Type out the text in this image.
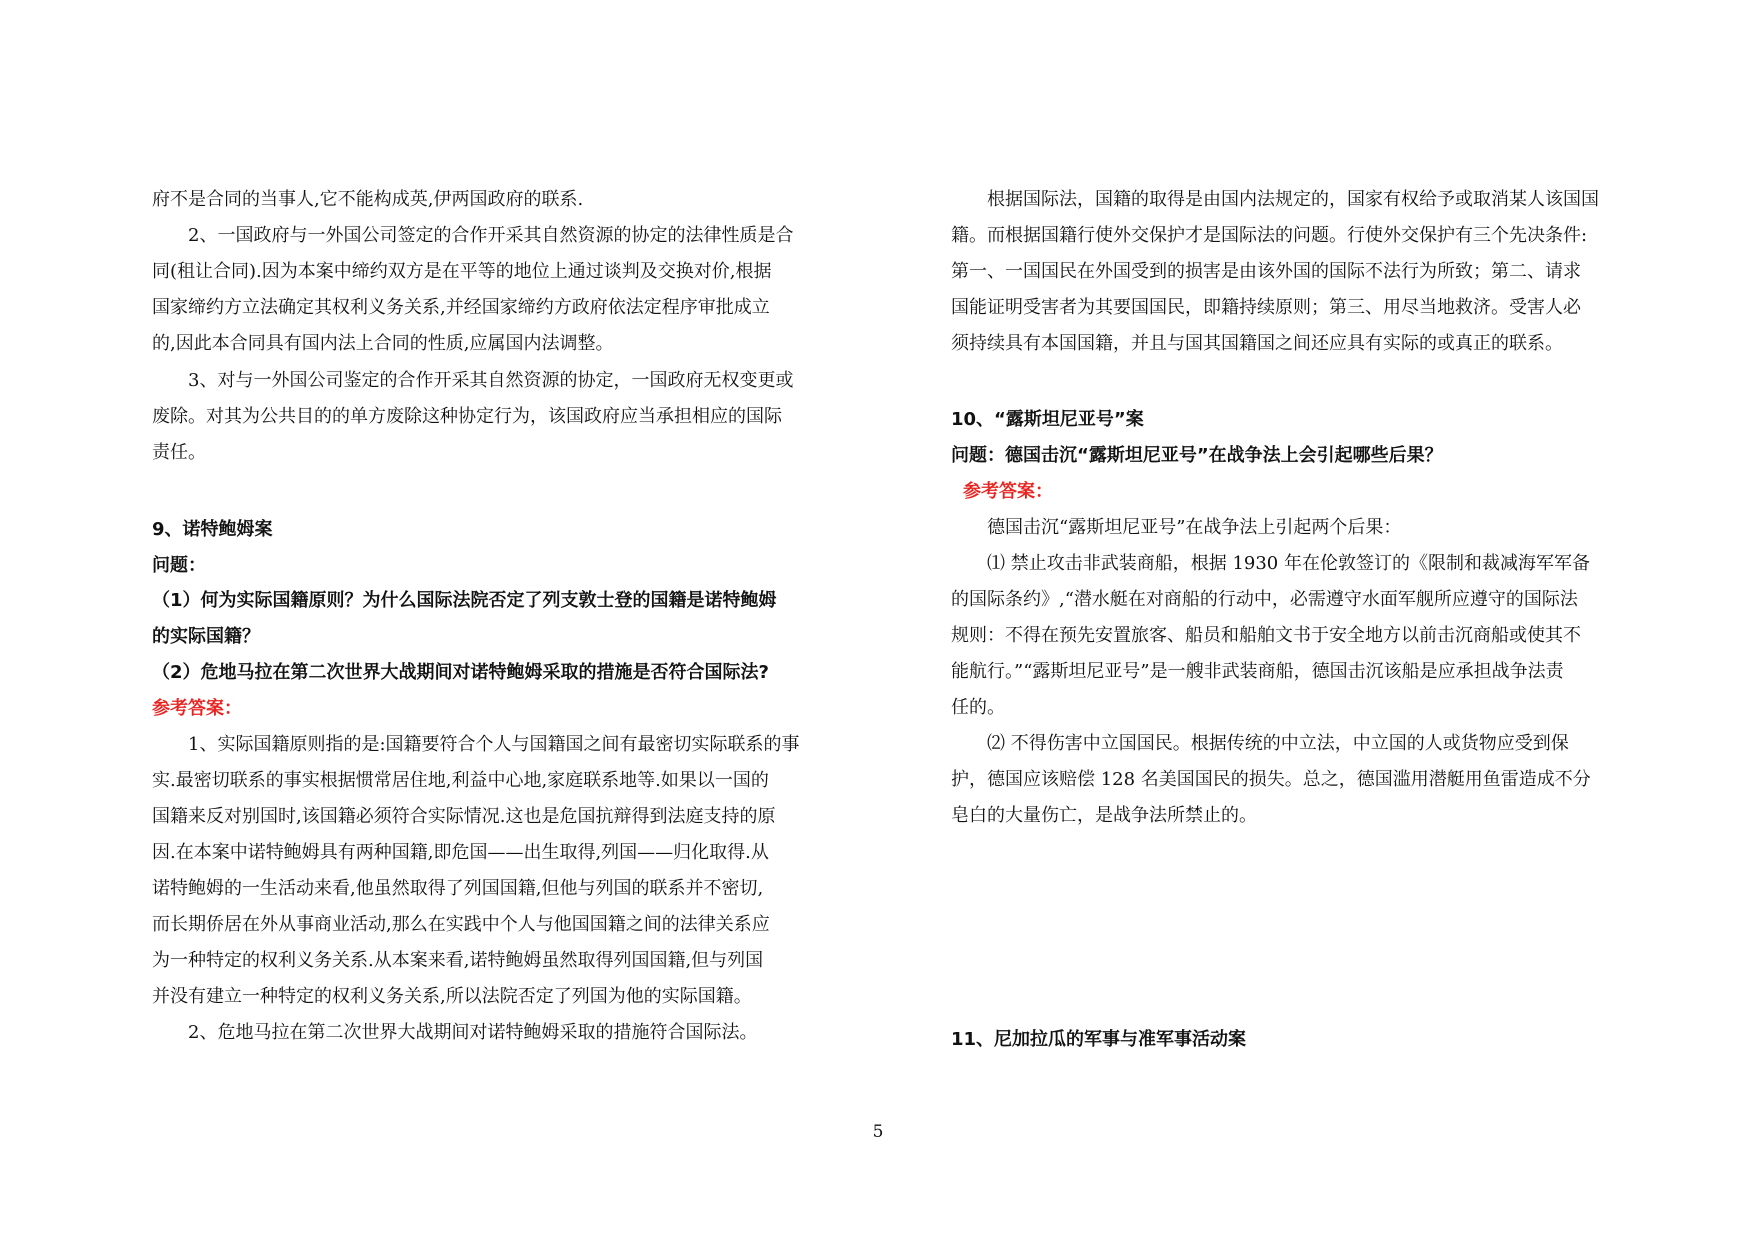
府不是合同的当事人,它不能构成英,伊两国政府的联系.
2、一国政府与一外国公司签定的合作开采其自然资源的协定的法律性质是合
同(租让合同).因为本案中缔约双方是在平等的地位上通过谈判及交换对价,根据
国家缔约方立法确定其权利义务关系,并经国家缔约方政府依法定程序审批成立
的,因此本合同具有国内法上合同的性质,应属国内法调整。
3、对与一外国公司鉴定的合作开采其自然资源的协定，一国政府无权变更或
废除。对其为公共目的的单方废除这种协定行为，该国政府应当承担相应的国际
责任。
9、诺特鲍姆案
问题：
（1）何为实际国籍原则？为什么国际法院否定了列支敦士登的国籍是诺特鲍姆
的实际国籍？
（2）危地马拉在第二次世界大战期间对诺特鲍姆采取的措施是否符合国际法?
参考答案：
1、实际国籍原则指的是:国籍要符合个人与国籍国之间有最密切实际联系的事
实.最密切联系的事实根据惯常居住地,利益中心地,家庭联系地等.如果以一国的
国籍来反对别国时,该国籍必须符合实际情况.这也是危国抗辩得到法庭支持的原
因.在本案中诺特鲍姆具有两种国籍,即危国——出生取得,列国——归化取得.从
诺特鲍姆的一生活动来看,他虽然取得了列国国籍,但他与列国的联系并不密切,
而长期侨居在外从事商业活动,那么在实践中个人与他国国籍之间的法律关系应
为一种特定的权利义务关系.从本案来看,诺特鲍姆虽然取得列国国籍,但与列国
并没有建立一种特定的权利义务关系,所以法院否定了列国为他的实际国籍。
2、危地马拉在第二次世界大战期间对诺特鲍姆采取的措施符合国际法。
根据国际法，国籍的取得是由国内法规定的，国家有权给予或取消某人该国国
籍。而根据国籍行使外交保护才是国际法的问题。行使外交保护有三个先决条件:
第一、一国国民在外国受到的损害是由该外国的国际不法行为所致；第二、请求
国能证明受害者为其要国国民，即籍持续原则；第三、用尽当地救济。受害人必
须持续具有本国国籍，并且与国其国籍国之间还应具有实际的或真正的联系。
10、“露斯坦尼亚号”案
问题：德国击沉“露斯坦尼亚号”在战争法上会引起哪些后果？
参考答案：
德国击沉“露斯坦尼亚号”在战争法上引起两个后果：
⑴ 禁止攻击非武装商船，根据 1930 年在伦敦签订的《限制和裁减海军军备
的国际条约》,“潜水艇在对商船的行动中，必需遵守水面军舰所应遵守的国际法
规则：不得在预先安置旅客、船员和船舶文书于安全地方以前击沉商船或使其不
能航行。”“露斯坦尼亚号”是一艘非武装商船，德国击沉该船是应承担战争法责
任的。
⑵ 不得伤害中立国国民。根据传统的中立法，中立国的人或货物应受到保
护，德国应该赔偿 128 名美国国民的损失。总之，德国滥用潜艇用鱼雷造成不分
皂白的大量伤亡，是战争法所禁止的。
11、尼加拉瓜的军事与准军事活动案
5
